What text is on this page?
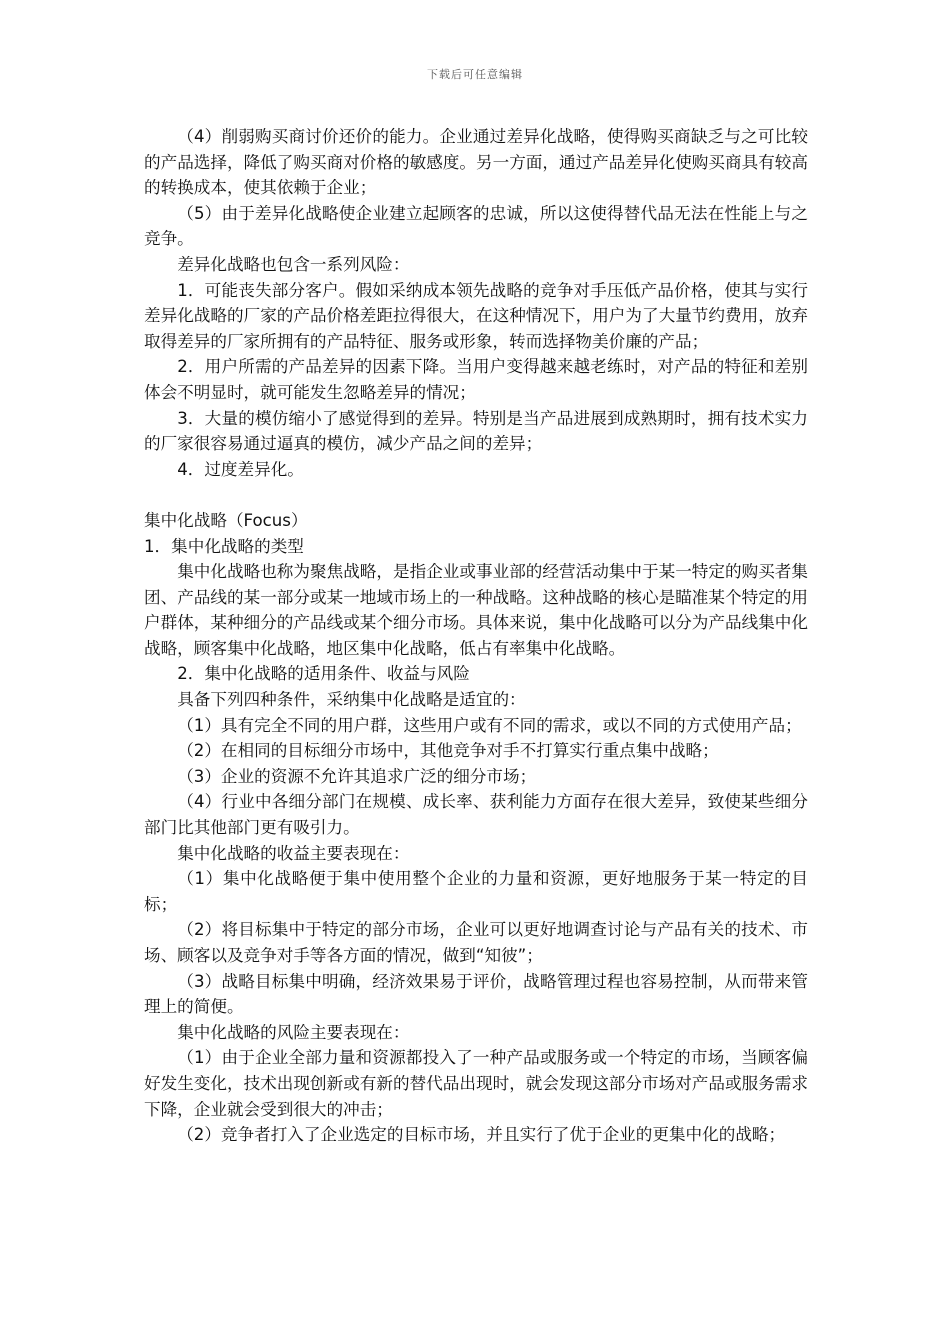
下载后可任意编辑

（4）削弱购买商讨价还价的能力。企业通过差异化战略，使得购买商缺乏与之可比较的产品选择，降低了购买商对价格的敏感度。另一方面，通过产品差异化使购买商具有较高的转换成本，使其依赖于企业；

（5）由于差异化战略使企业建立起顾客的忠诚，所以这使得替代品无法在性能上与之竞争。

差异化战略也包含一系列风险：

1．可能丧失部分客户。假如采纳成本领先战略的竞争对手压低产品价格，使其与实行差异化战略的厂家的产品价格差距拉得很大，在这种情况下，用户为了大量节约费用，放弃取得差异的厂家所拥有的产品特征、服务或形象，转而选择物美价廉的产品；

2．用户所需的产品差异的因素下降。当用户变得越来越老练时，对产品的特征和差别体会不明显时，就可能发生忽略差异的情况；

3．大量的模仿缩小了感觉得到的差异。特别是当产品进展到成熟期时，拥有技术实力的厂家很容易通过逼真的模仿，减少产品之间的差异；

4．过度差异化。

集中化战略（Focus）

1．集中化战略的类型

集中化战略也称为聚焦战略，是指企业或事业部的经营活动集中于某一特定的购买者集团、产品线的某一部分或某一地域市场上的一种战略。这种战略的核心是瞄准某个特定的用户群体，某种细分的产品线或某个细分市场。具体来说，集中化战略可以分为产品线集中化战略，顾客集中化战略，地区集中化战略，低占有率集中化战略。

2．集中化战略的适用条件、收益与风险

具备下列四种条件，采纳集中化战略是适宜的：

（1）具有完全不同的用户群，这些用户或有不同的需求，或以不同的方式使用产品；

（2）在相同的目标细分市场中，其他竞争对手不打算实行重点集中战略；

（3）企业的资源不允许其追求广泛的细分市场；

（4）行业中各细分部门在规模、成长率、获利能力方面存在很大差异，致使某些细分部门比其他部门更有吸引力。

集中化战略的收益主要表现在：

（1）集中化战略便于集中使用整个企业的力量和资源，更好地服务于某一特定的目标；

（2）将目标集中于特定的部分市场，企业可以更好地调查讨论与产品有关的技术、市场、顾客以及竞争对手等各方面的情况，做到“知彼”；

（3）战略目标集中明确，经济效果易于评价，战略管理过程也容易控制，从而带来管理上的简便。

集中化战略的风险主要表现在：

（1）由于企业全部力量和资源都投入了一种产品或服务或一个特定的市场，当顾客偏好发生变化，技术出现创新或有新的替代品出现时，就会发现这部分市场对产品或服务需求下降，企业就会受到很大的冲击；

（2）竞争者打入了企业选定的目标市场，并且实行了优于企业的更集中化的战略；
